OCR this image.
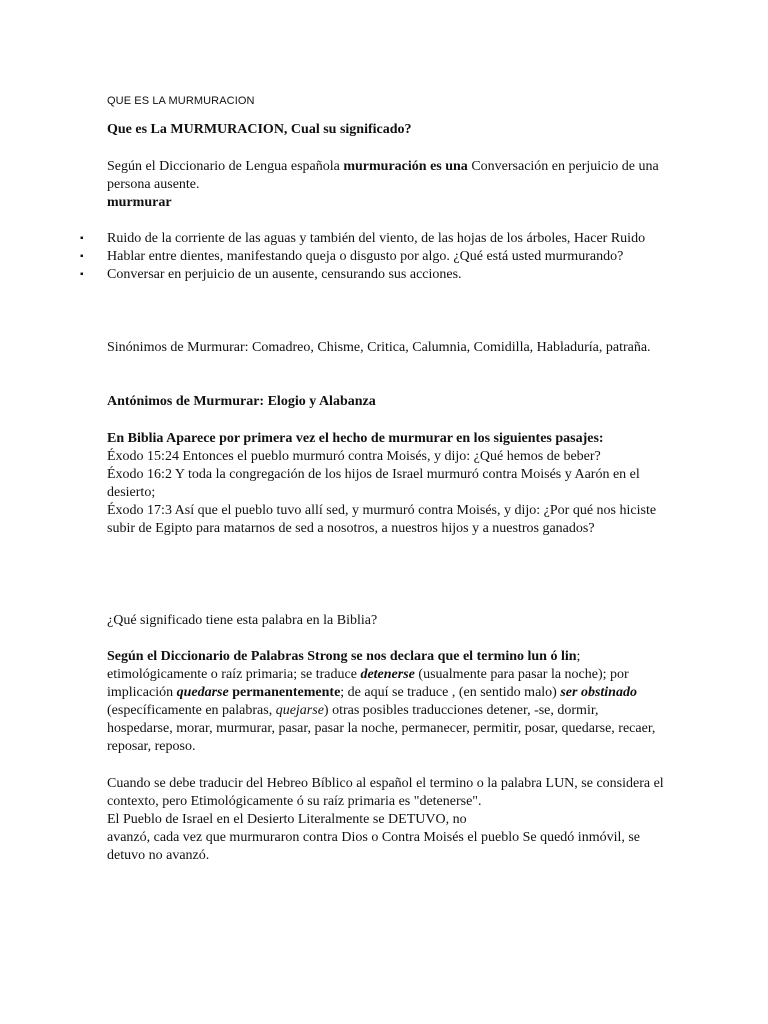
QUE ES LA MURMURACION
Que es La MURMURACION, Cual su significado?
Según el Diccionario de Lengua española murmuración es una Conversación en perjuicio de una persona ausente.
murmurar
▪	Ruido de la corriente de las aguas y también del viento, de las hojas de los árboles, Hacer Ruido
▪	Hablar entre dientes, manifestando queja o disgusto por algo. ¿Qué está usted murmurando?
▪	Conversar en perjuicio de un ausente, censurando sus acciones.
Sinónimos de Murmurar: Comadreo, Chisme, Critica, Calumnia, Comidilla, Habladuría, patraña.
Antónimos de Murmurar: Elogio y Alabanza
En Biblia Aparece por primera vez el hecho de murmurar en los siguientes pasajes:
Éxodo 15:24 Entonces el pueblo murmuró contra Moisés, y dijo: ¿Qué hemos de beber?
Éxodo 16:2 Y toda la congregación de los hijos de Israel murmuró contra Moisés y Aarón en el desierto;
Éxodo 17:3 Así que el pueblo tuvo allí sed, y murmuró contra Moisés, y dijo: ¿Por qué nos hiciste subir de Egipto para matarnos de sed a nosotros, a nuestros hijos y a nuestros ganados?
¿Qué significado tiene esta palabra en la Biblia?
Según el Diccionario de Palabras Strong se nos declara que el termino lun ó lin; etimológicamente o raíz primaria; se traduce detenerse (usualmente para pasar la noche); por implicación quedarse permanentemente; de aquí se traduce , (en sentido malo) ser obstinado (específicamente en palabras, quejarse) otras posibles traducciones detener, -se, dormir, hospedarse, morar, murmurar, pasar, pasar la noche, permanecer, permitir, posar, quedarse, recaer, reposar, reposo.
Cuando se debe traducir del Hebreo Bíblico al español el termino o la palabra LUN, se considera el contexto, pero Etimológicamente ó su raíz primaria es "detenerse".
El Pueblo de Israel en el Desierto Literalmente se DETUVO, no
avanzó, cada vez que murmuraron contra Dios o Contra Moisés el pueblo Se quedó inmóvil, se detuvo no avanzó.
